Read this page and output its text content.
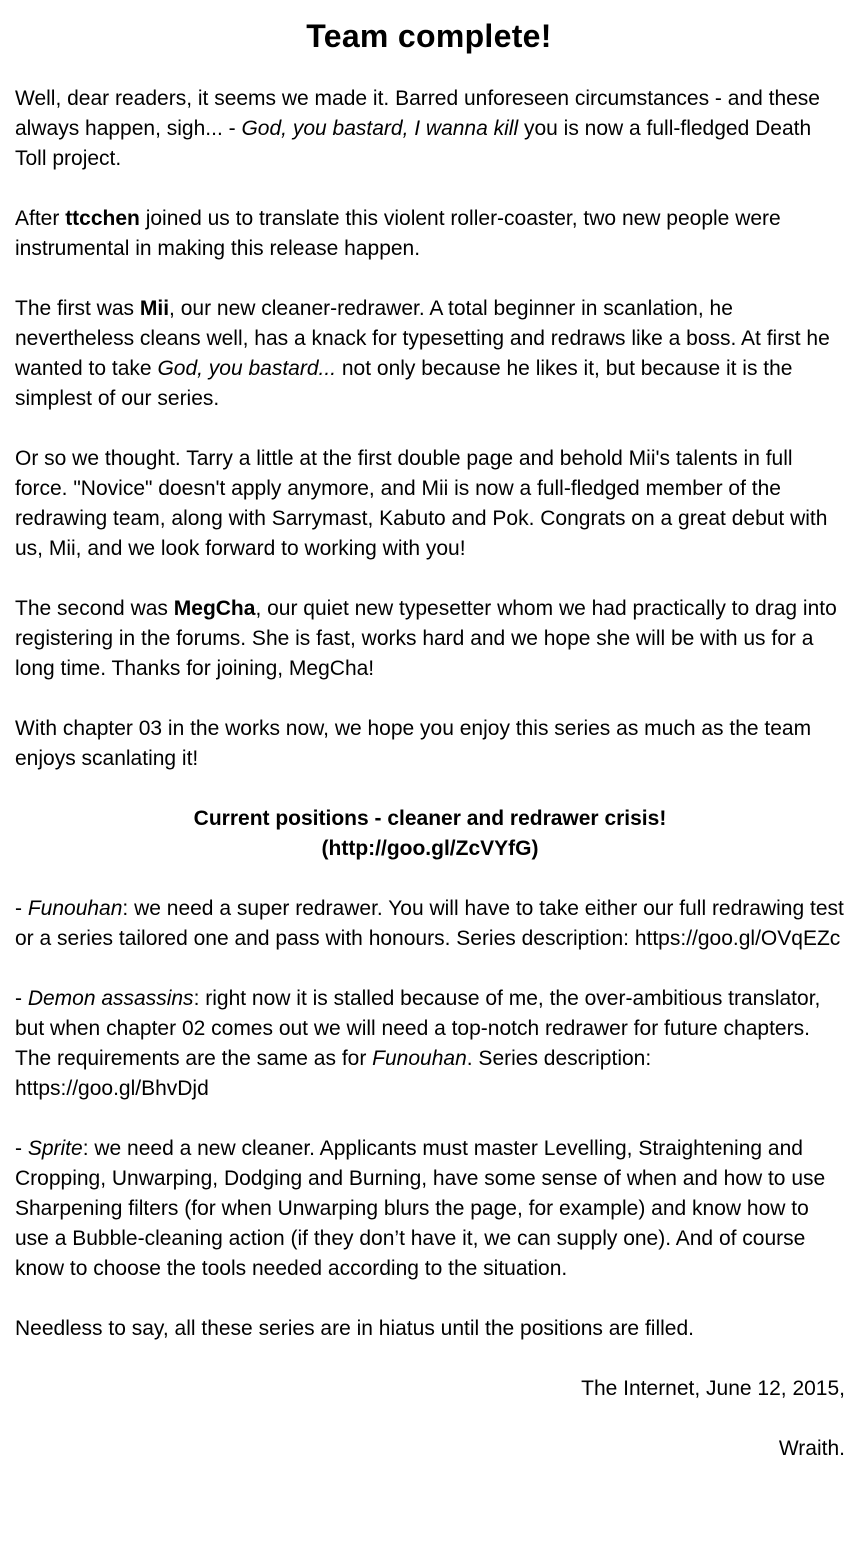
Team complete!

Well, dear readers, it seems we made it. Barred unforeseen circumstances - and these always happen, sigh... - God, you bastard, I wanna kill you is now a full-fledged Death Toll project.

After ttcchen joined us to translate this violent roller-coaster, two new people were instrumental in making this release happen.

The first was Mii, our new cleaner-redrawer. A total beginner in scanlation, he nevertheless cleans well, has a knack for typesetting and redraws like a boss. At first he wanted to take God, you bastard... not only because he likes it, but because it is the simplest of our series.

Or so we thought. Tarry a little at the first double page and behold Mii's talents in full force. "Novice" doesn't apply anymore, and Mii is now a full-fledged member of the redrawing team, along with Sarrymast, Kabuto and Pok. Congrats on a great debut with us, Mii, and we look forward to working with you!

The second was MegCha, our quiet new typesetter whom we had practically to drag into registering in the forums. She is fast, works hard and we hope she will be with us for a long time. Thanks for joining, MegCha!

With chapter 03 in the works now, we hope you enjoy this series as much as the team enjoys scanlating it!

Current positions - cleaner and redrawer crisis!
(http://goo.gl/ZcVYfG)

- Funouhan: we need a super redrawer. You will have to take either our full redrawing test or a series tailored one and pass with honours. Series description: https://goo.gl/OVqEZc

- Demon assassins: right now it is stalled because of me, the over-ambitious translator, but when chapter 02 comes out we will need a top-notch redrawer for future chapters. The requirements are the same as for Funouhan. Series description: https://goo.gl/BhvDjd

- Sprite: we need a new cleaner. Applicants must master Levelling, Straightening and Cropping, Unwarping, Dodging and Burning, have some sense of when and how to use Sharpening filters (for when Unwarping blurs the page, for example) and know how to use a Bubble-cleaning action (if they don’t have it, we can supply one). And of course know to choose the tools needed according to the situation.

Needless to say, all these series are in hiatus until the positions are filled.

The Internet, June 12, 2015,

Wraith.
